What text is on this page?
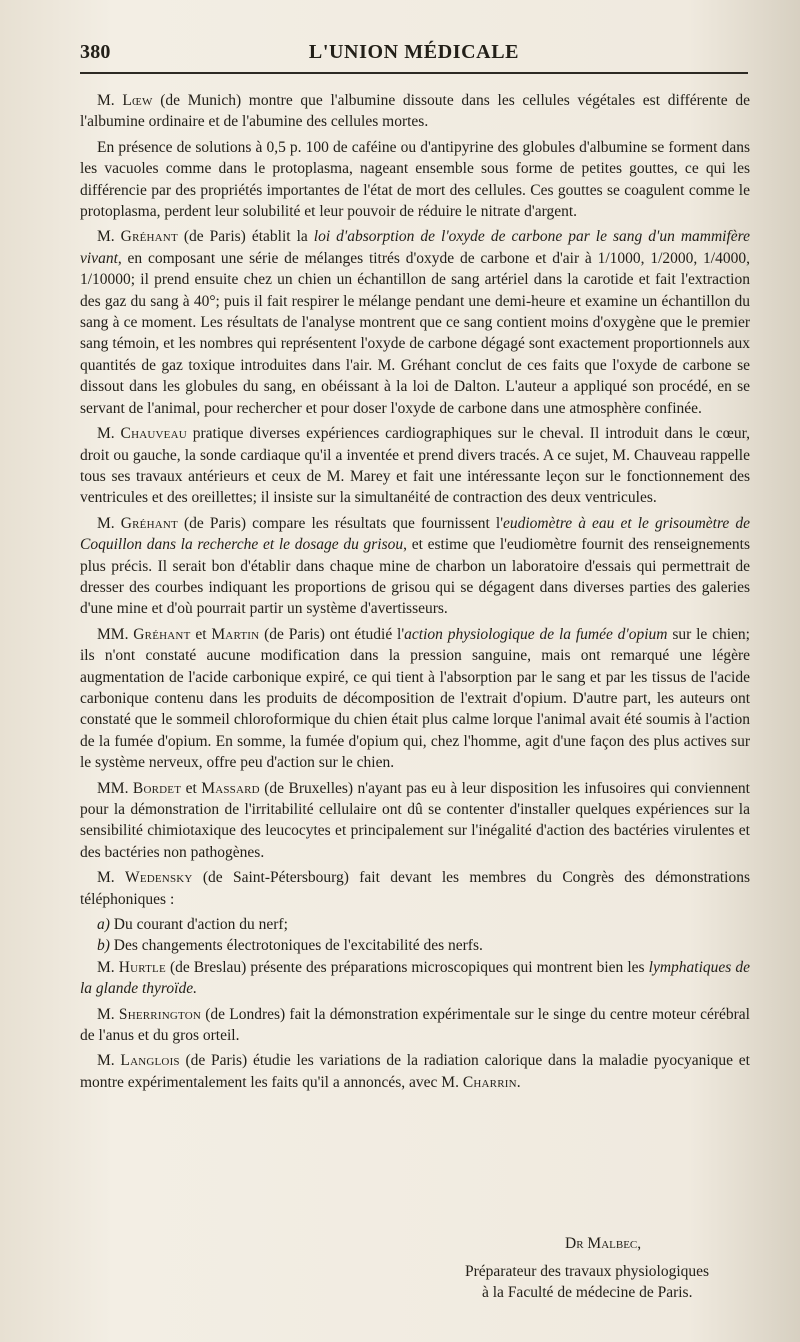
380	L'UNION MÉDICALE

M. Lœw (de Munich) montre que l'albumine dissoute dans les cellules végétales est différente de l'albumine ordinaire et de l'abumine des cellules mortes.

En présence de solutions à 0,5 p. 100 de caféine ou d'antipyrine des globules d'albumine se forment dans les vacuoles comme dans le protoplasma, nageant ensemble sous forme de petites gouttes, ce qui les différencie par des propriétés importantes de l'état de mort des cellules. Ces gouttes se coagulent comme le protoplasma, perdent leur solubilité et leur pouvoir de réduire le nitrate d'argent.

M. Gréhant (de Paris) établit la loi d'absorption de l'oxyde de carbone par le sang d'un mammifère vivant, en composant une série de mélanges titrés d'oxyde de carbone et d'air à 1/1000, 1/2000, 1/4000, 1/10000; il prend ensuite chez un chien un échantillon de sang artériel dans la carotide et fait l'extraction des gaz du sang à 40°; puis il fait respirer le mélange pendant une demi-heure et examine un échantillon du sang à ce moment. Les résultats de l'analyse montrent que ce sang contient moins d'oxygène que le premier sang témoin, et les nombres qui représentent l'oxyde de carbone dégagé sont exactement proportionnels aux quantités de gaz toxique introduites dans l'air. M. Gréhant conclut de ces faits que l'oxyde de carbone se dissout dans les globules du sang, en obéissant à la loi de Dalton. L'auteur a appliqué son procédé, en se servant de l'animal, pour rechercher et pour doser l'oxyde de carbone dans une atmosphère confinée.

M. Chauveau pratique diverses expériences cardiographiques sur le cheval. Il introduit dans le cœur, droit ou gauche, la sonde cardiaque qu'il a inventée et prend divers tracés. A ce sujet, M. Chauveau rappelle tous ses travaux antérieurs et ceux de M. Marey et fait une intéressante leçon sur le fonctionnement des ventricules et des oreillettes; il insiste sur la simultanéité de contraction des deux ventricules.

M. Gréhant (de Paris) compare les résultats que fournissent l'eudiomètre à eau et le grisoumètre de Coquillon dans la recherche et le dosage du grisou, et estime que l'eudiomètre fournit des renseignements plus précis. Il serait bon d'établir dans chaque mine de charbon un laboratoire d'essais qui permettrait de dresser des courbes indiquant les proportions de grisou qui se dégagent dans diverses parties des galeries d'une mine et d'où pourrait partir un système d'avertisseurs.

MM. Gréhant et Martin (de Paris) ont étudié l'action physiologique de la fumée d'opium sur le chien; ils n'ont constaté aucune modification dans la pression sanguine, mais ont remarqué une légère augmentation de l'acide carbonique expiré, ce qui tient à l'absorption par le sang et par les tissus de l'acide carbonique contenu dans les produits de décomposition de l'extrait d'opium. D'autre part, les auteurs ont constaté que le sommeil chloroformique du chien était plus calme lorque l'animal avait été soumis à l'action de la fumée d'opium. En somme, la fumée d'opium qui, chez l'homme, agit d'une façon des plus actives sur le système nerveux, offre peu d'action sur le chien.

MM. Bordet et Massard (de Bruxelles) n'ayant pas eu à leur disposition les infusoires qui conviennent pour la démonstration de l'irritabilité cellulaire ont dû se contenter d'installer quelques expériences sur la sensibilité chimiotaxique des leucocytes et principalement sur l'inégalité d'action des bactéries virulentes et des bactéries non pathogènes.

M. Wedensky (de Saint-Pétersbourg) fait devant les membres du Congrès des démonstrations téléphoniques :

a) Du courant d'action du nerf;

b) Des changements électrotoniques de l'excitabilité des nerfs.

M. Hurtle (de Breslau) présente des préparations microscopiques qui montrent bien les lymphatiques de la glande thyroïde.

M. Sherrington (de Londres) fait la démonstration expérimentale sur le singe du centre moteur cérébral de l'anus et du gros orteil.

M. Langlois (de Paris) étudie les variations de la radiation calorique dans la maladie pyocyanique et montre expérimentalement les faits qu'il a annoncés, avec M. Charrin.

Dr Malbec,
Préparateur des travaux physiologiques
à la Faculté de médecine de Paris.
